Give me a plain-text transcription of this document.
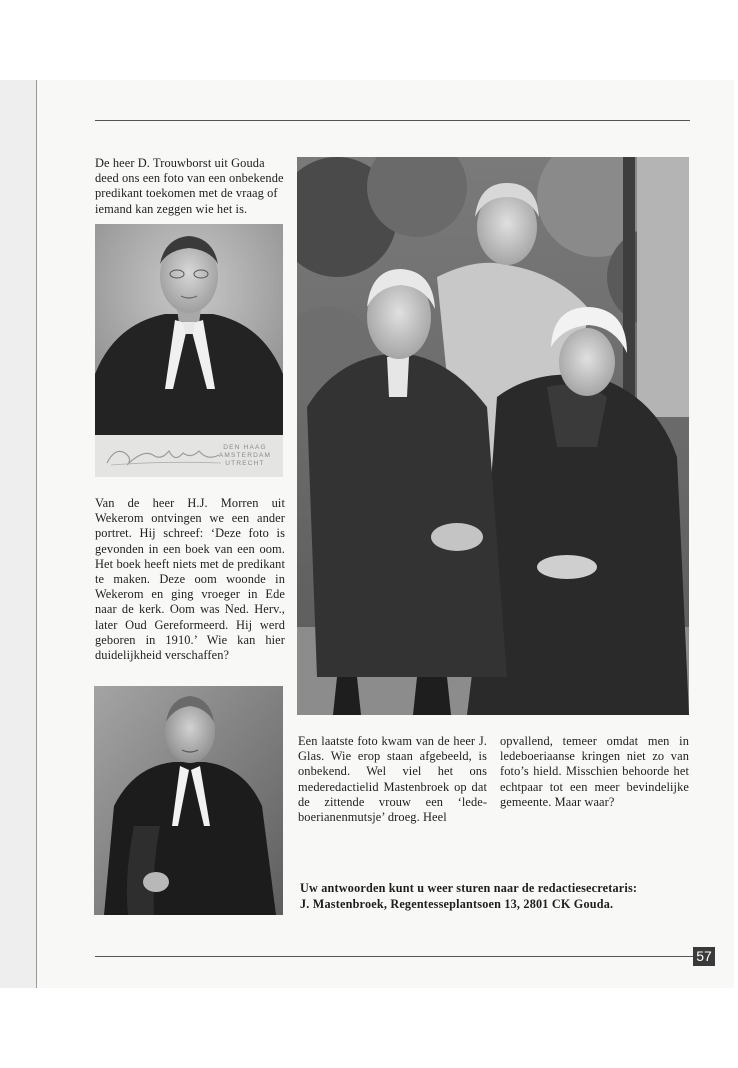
De heer D. Trouwborst uit Gouda deed ons een foto van een onbekende predikant toekomen met de vraag of iemand kan zeggen wie het is.

DEN HAAG
AMSTERDAM
UTRECHT

Van de heer H.J. Morren uit Wekerom ontvingen we een ander portret. Hij schreef: ‘Deze foto is gevonden in een boek van een oom. Het boek heeft niets met de predikant te maken. Deze oom woonde in Wekerom en ging vroeger in Ede naar de kerk. Oom was Ned. Herv., later Oud Gereformeerd. Hij werd geboren in 1910.’ Wie kan hier duidelijkheid verschaffen?

Een laatste foto kwam van de heer J. Glas. Wie erop staan afgebeeld, is onbekend. Wel viel het ons mederedactielid Mastenbroek op dat de zittende vrouw een ‘ledeboerianenmutsje’ droeg. Heel

opvallend, temeer omdat men in ledeboeriaanse kringen niet zo van foto’s hield. Misschien behoorde het echtpaar tot een meer bevindelijke gemeente. Maar waar?

Uw antwoorden kunt u weer sturen naar de redactiesecretaris:
J. Mastenbroek, Regentesseplantsoen 13, 2801 CK Gouda.
57
